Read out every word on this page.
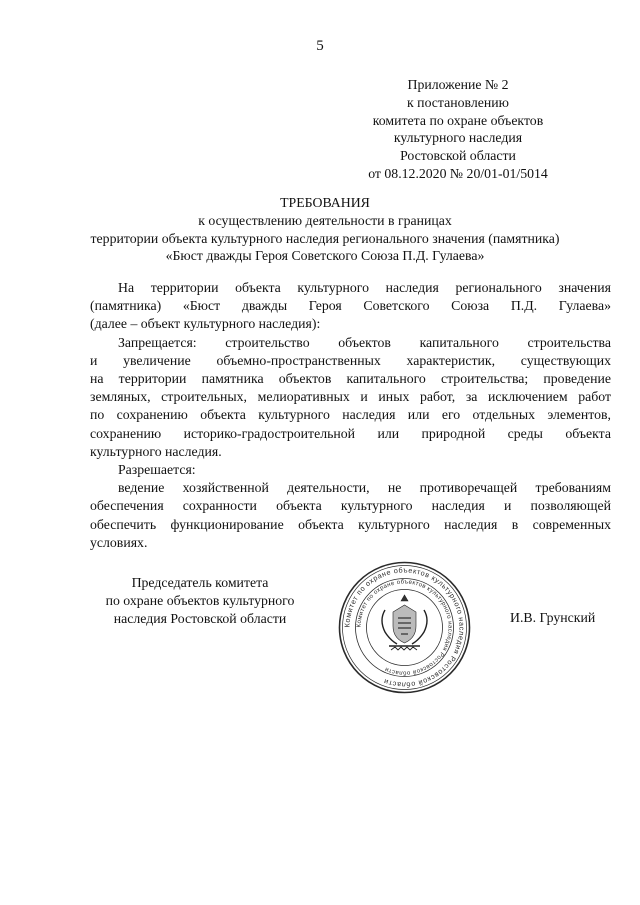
5
Приложение № 2
к постановлению
комитета по охране объектов
культурного наследия
Ростовской области
от 08.12.2020 № 20/01-01/5014
ТРЕБОВАНИЯ
к осуществлению деятельности в границах
территории объекта культурного наследия регионального значения (памятника)
«Бюст дважды Героя Советского Союза П.Д. Гулаева»

На территории объекта культурного наследия регионального значения
(памятника) «Бюст дважды Героя Советского Союза П.Д. Гулаева»
(далее – объект культурного наследия):

Запрещается: строительство объектов капитального строительства
и увеличение объемно-пространственных характеристик, существующих
на территории памятника объектов капитального строительства; проведение
земляных, строительных, мелиоративных и иных работ, за исключением работ
по сохранению объекта культурного наследия или его отдельных элементов,
сохранению историко-градостроительной или природной среды объекта
культурного наследия.

Разрешается:

ведение хозяйственной деятельности, не противоречащей требованиям
обеспечения сохранности объекта культурного наследия и позволяющей
обеспечить функционирование объекта культурного наследия в современных
условиях.

Председатель комитета
по охране объектов культурного
наследия Ростовской области	Комитет по охране объектов культурного наследия Ростовской области
Комитет по охране объектов культурного наследия Ростовской области
И.В. Грунский
